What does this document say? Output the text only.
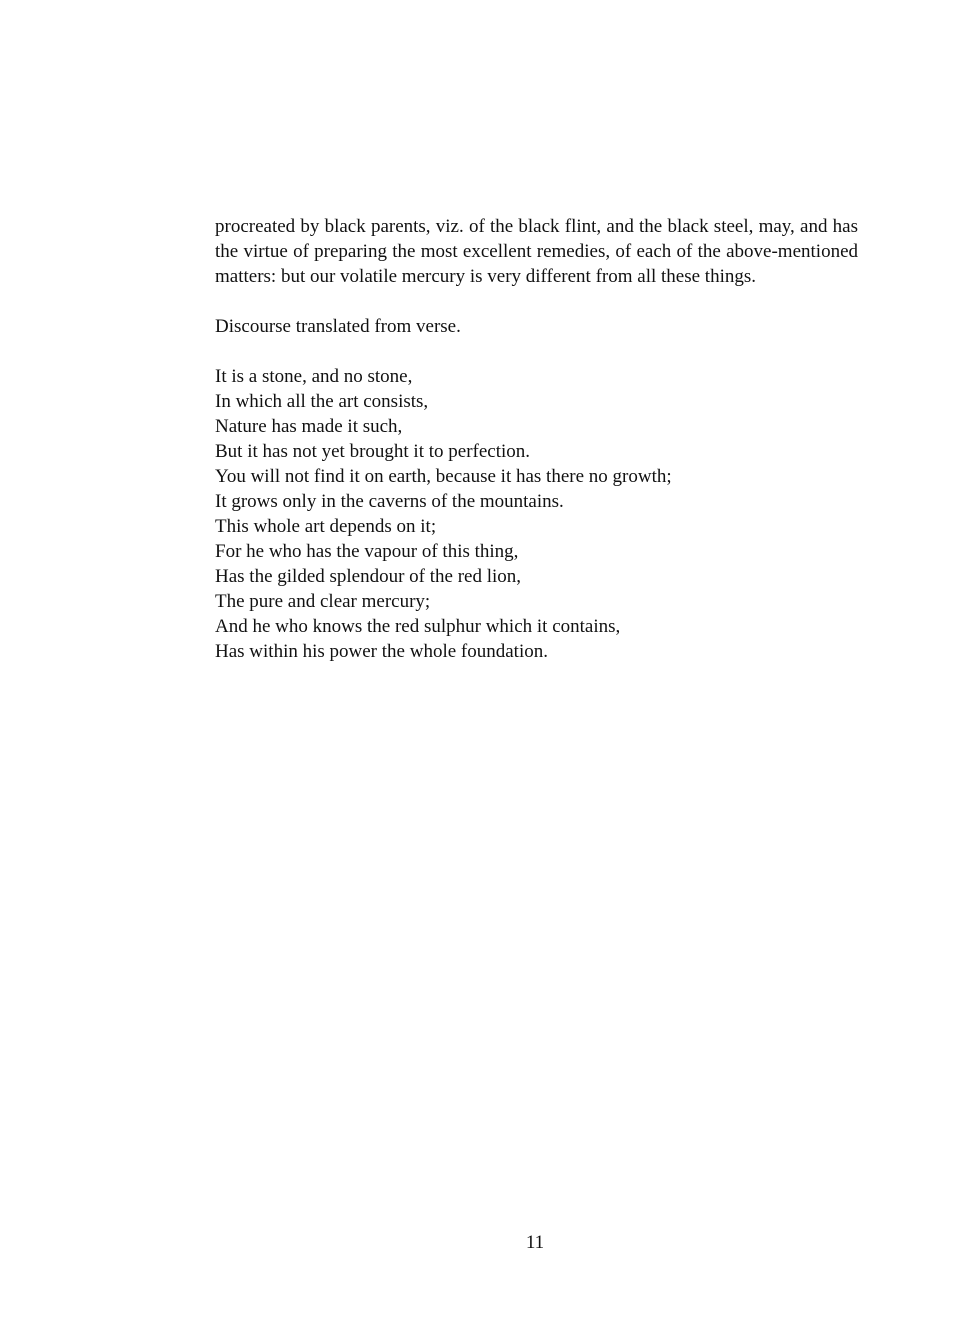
procreated by black parents, viz. of the black flint, and the black steel, may, and has the virtue of preparing the most excellent remedies, of each of the above-mentioned matters: but our volatile mercury is very different from all these things.

Discourse translated from verse.

It is a stone, and no stone,
In which all the art consists,
Nature has made it such,
But it has not yet brought it to perfection.
You will not find it on earth, because it has there no growth;
It grows only in the caverns of the mountains.
This whole art depends on it;
For he who has the vapour of this thing,
Has the gilded splendour of the red lion,
The pure and clear mercury;
And he who knows the red sulphur which it contains,
Has within his power the whole foundation.
11
